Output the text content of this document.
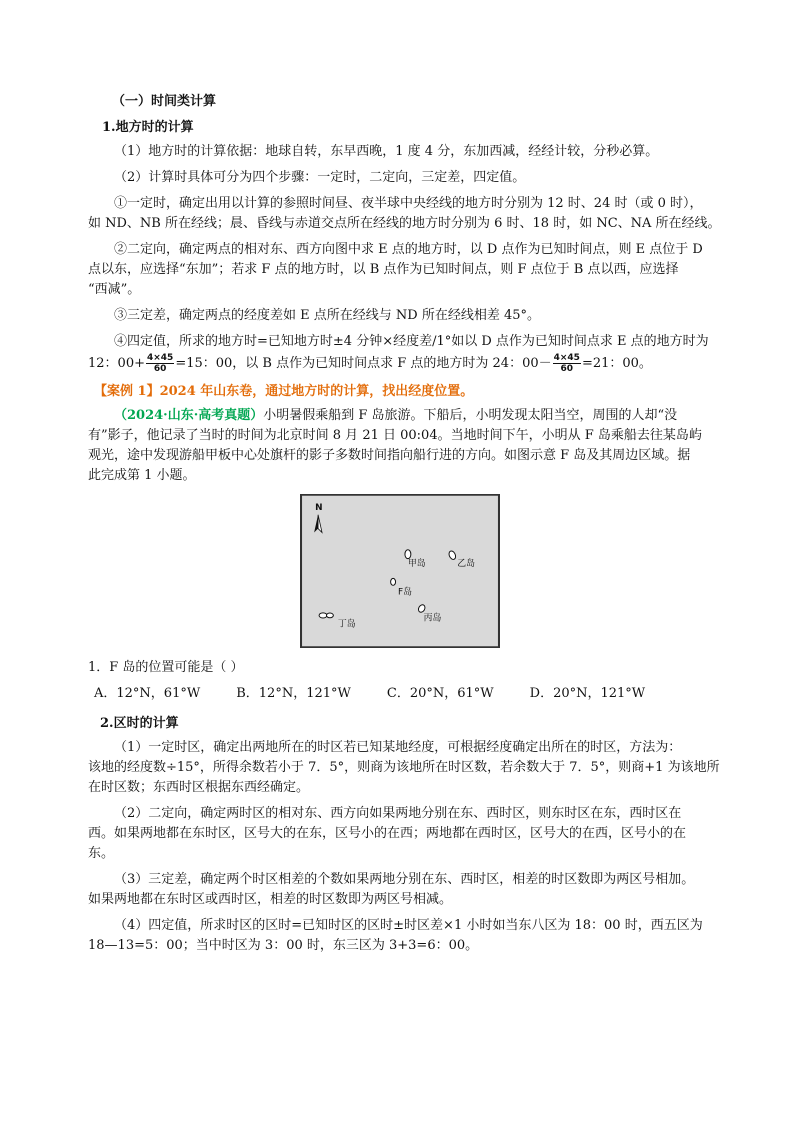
（一）时间类计算

1.地方时的计算

（1）地方时的计算依据：地球自转，东早西晚，1 度 4 分，东加西减，经经计较，分秒必算。

（2）计算时具体可分为四个步骤：一定时，二定向，三定差，四定值。

①一定时，确定出用以计算的参照时间昼、夜半球中央经线的地方时分别为 12 时、24 时（或 0 时），

如 ND、NB 所在经线；晨、昏线与赤道交点所在经线的地方时分别为 6 时、18 时，如 NC、NA 所在经线。

②二定向，确定两点的相对东、西方向图中求 E 点的地方时，以 D 点作为已知时间点，则 E 点位于 D

点以东，应选择“东加”；若求 F 点的地方时，以 B 点作为已知时间点，则 F 点位于 B 点以西，应选择

“西减”。

③三定差，确定两点的经度差如 E 点所在经线与 ND 所在经线相差 45°。

④四定值，所求的地方时=已知地方时±4 分钟×经度差/1°如以 D 点作为已知时间点求 E 点的地方时为

12：$00+ \frac{4\times 45}{60} =15$：00，以 B 点作为已知时间点求 F 点的地方时为 24：$00- \frac{4\times 45}{60} =21$：00。

【案例 1】2024 年山东卷，通过地方时的计算，找出经度位置。

（2024·山东·高考真题）小明暑假乘船到 F 岛旅游。下船后，小明发现太阳当空，周围的人却“没

有”影子，他记录了当时的时间为北京时间 8 月 21 日 00:04。当地时间下午，小明从 F 岛乘船去往某岛屿

观光，途中发现游船甲板中心处旗杆的影子多数时间指向船行进的方向。如图示意 F 岛及其周边区域。据

此完成第 1 小题。

N
甲岛	乙岛
F岛
丙岛
丁岛

1．F 岛的位置可能是（ ）

A．12°N，61°W	B．12°N，121°W	C．20°N，61°W	D．20°N，121°W

2.区时的计算

（1）一定时区，确定出两地所在的时区若已知某地经度，可根据经度确定出所在的时区，方法为：

该地的经度数÷15°，所得余数若小于 7．5°，则商为该地所在时区数，若余数大于 7．5°，则商+1 为该地所

在时区数；东西时区根据东西经确定。

（2）二定向，确定两时区的相对东、西方向如果两地分别在东、西时区，则东时区在东，西时区在

西。如果两地都在东时区，区号大的在东，区号小的在西；两地都在西时区，区号大的在西，区号小的在

东。

（3）三定差，确定两个时区相差的个数如果两地分别在东、西时区，相差的时区数即为两区号相加。

如果两地都在东时区或西时区，相差的时区数即为两区号相减。

（4）四定值，所求时区的区时=已知时区的区时±时区差×1 小时如当东八区为 18：00 时，西五区为

18—13=5：00；当中时区为 3：00 时，东三区为 3+3=6：00。
